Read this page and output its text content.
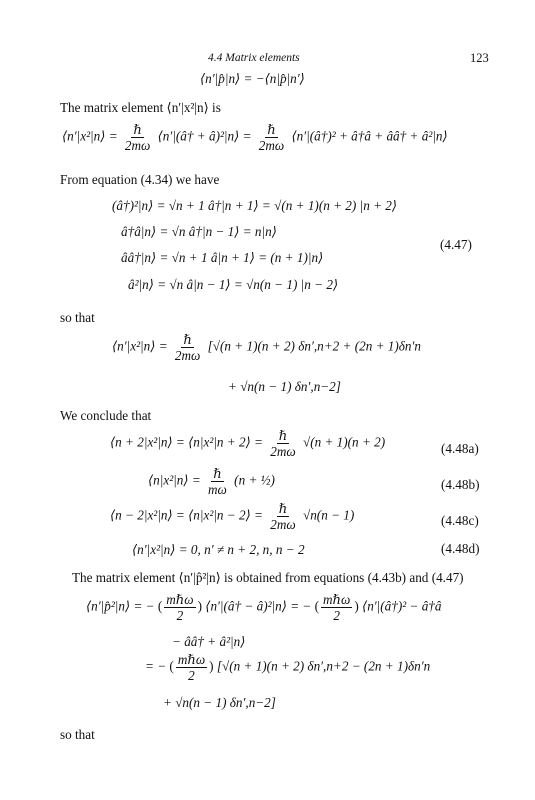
4.4 Matrix elements	123
⟨n′|p̂|n⟩ = −⟨n|p̂|n′⟩
The matrix element ⟨n′|x²|n⟩ is
⟨n′|x²|n⟩ = $\frac{\text{ℏ}}{2m\omega}$ ⟨n′|(â† + â)²|n⟩ = $\frac{\text{ℏ}}{2m\omega}$ ⟨n′|(â†)² + â†â + ââ† + â²|n⟩
From equation (4.34) we have
(â†)²|n⟩ = √n + 1 â†|n + 1⟩ = √(n + 1)(n + 2) |n + 2⟩
â†â|n⟩ = √n â†|n − 1⟩ = n|n⟩
ââ†|n⟩ = √n + 1 â|n + 1⟩ = (n + 1)|n⟩
â²|n⟩ = √n â|n − 1⟩ = √n(n − 1) |n − 2⟩
(4.47)
so that
⟨n′|x²|n⟩ = $\frac{\text{ℏ}}{2m\omega} [√(n + 1)(n + 2) \delta n',n+2 + (2n + 1)\delta n'n$
+ √n(n − 1) δn′,n−2]
We conclude that
⟨n + 2|x²|n⟩ = ⟨n|x²|n + 2⟩ = $\frac{\text{ℏ}}{2m\omega} √(n + 1)(n + 2)$	(4.48a)
⟨n|x²|n⟩ = $\frac{\text{ℏ}}{m\omega} (n$ + ½)	(4.48b)
⟨n − 2|x²|n⟩ = ⟨n|x²|n − 2⟩ = $\frac{\text{ℏ}}{2m\omega} √n(n - 1)$	(4.48c)
⟨n′|x²|n⟩ = 0, n′ ≠ n + 2, n, n − 2	(4.48d)
The matrix element ⟨n′|p̂²|n⟩ is obtained from equations (4.43b) and (4.47)
⟨n′|p̂²|n⟩ = − ( $\frac{\text{mℏω}}{2}$ ) ⟨n′|(â† − â)²|n⟩ = − ( $\frac{\text{mℏω}}{2}$ ) ⟨n′|(â†)² − â†â
− ââ† + â²|n⟩
= − ( $\frac{\text{mℏω}}{2}$ ) [√(n + 1)(n + 2) δn′,n+2 − (2n + 1)δn′n
+ √n(n − 1) δn′,n−2]
so that
